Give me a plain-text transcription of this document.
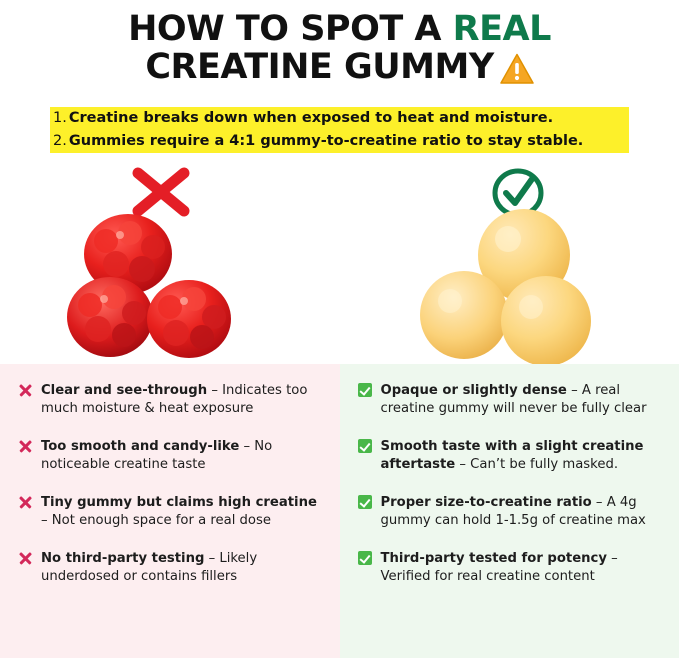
HOW TO SPOT A REAL
CREATINE GUMMY
1. Creatine breaks down when exposed to heat and moisture.
2. Gummies require a 4:1 gummy-to-creatine ratio to stay stable.
Clear and see-through – Indicates too much moisture & heat exposure
Too smooth and candy-like – No noticeable creatine taste
Tiny gummy but claims high creatine – Not enough space for a real dose
No third-party testing – Likely underdosed or contains fillers
Opaque or slightly dense – A real creatine gummy will never be fully clear
Smooth taste with a slight creatine aftertaste – Can’t be fully masked.
Proper size-to-creatine ratio – A 4g gummy can hold 1-1.5g of creatine max
Third-party tested for potency – Verified for real creatine content
